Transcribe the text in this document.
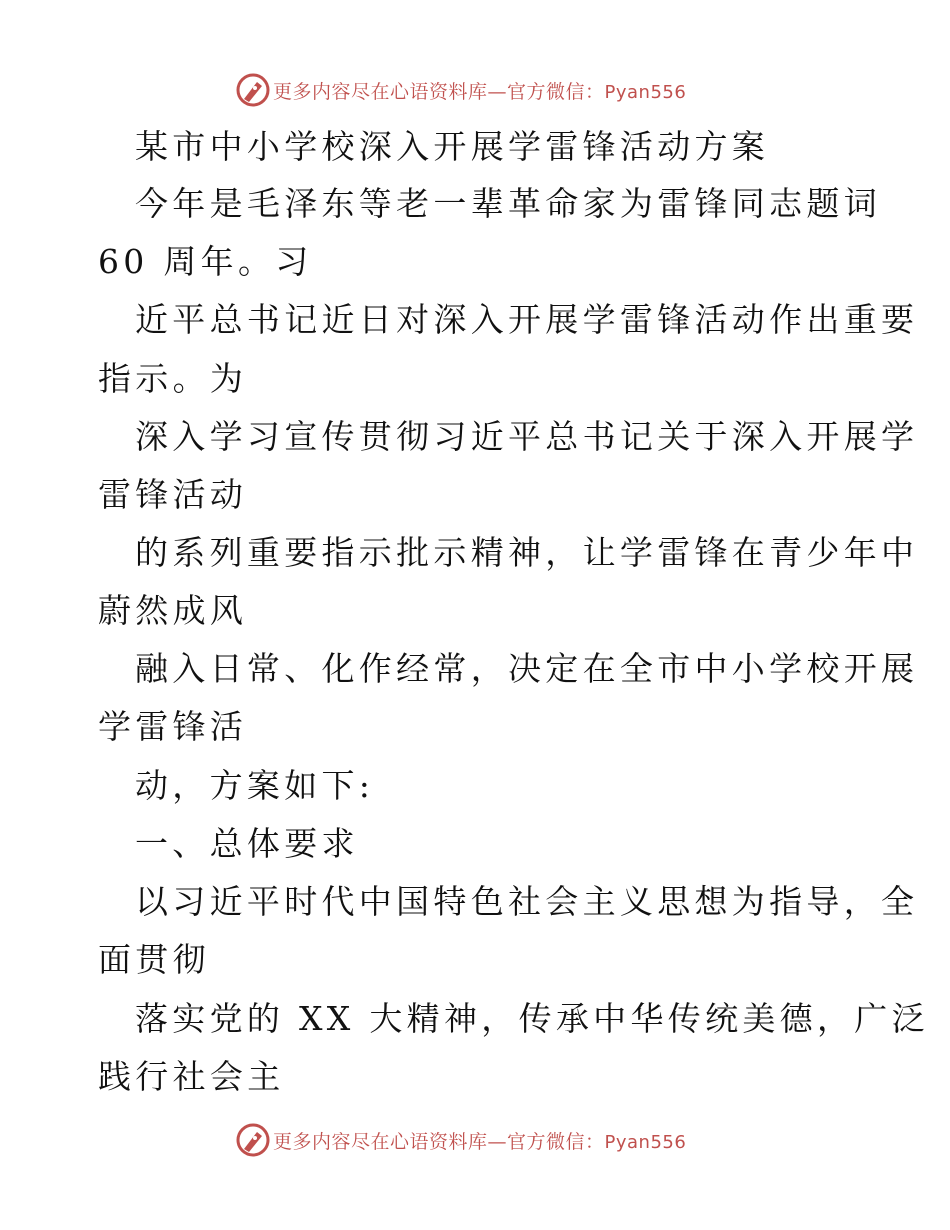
更多内容尽在心语资料库—官方微信：Pyan556
某市中小学校深入开展学雷锋活动方案
今年是毛泽东等老一辈革命家为雷锋同志题词
60 周年。习
近平总书记近日对深入开展学雷锋活动作出重要
指示。为
深入学习宣传贯彻习近平总书记关于深入开展学
雷锋活动
的系列重要指示批示精神，让学雷锋在青少年中
蔚然成风
融入日常、化作经常，决定在全市中小学校开展
学雷锋活
动，方案如下:
一、总体要求
以习近平时代中国特色社会主义思想为指导，全
面贯彻
落实党的 XX 大精神，传承中华传统美德，广泛
践行社会主
更多内容尽在心语资料库—官方微信：Pyan556
